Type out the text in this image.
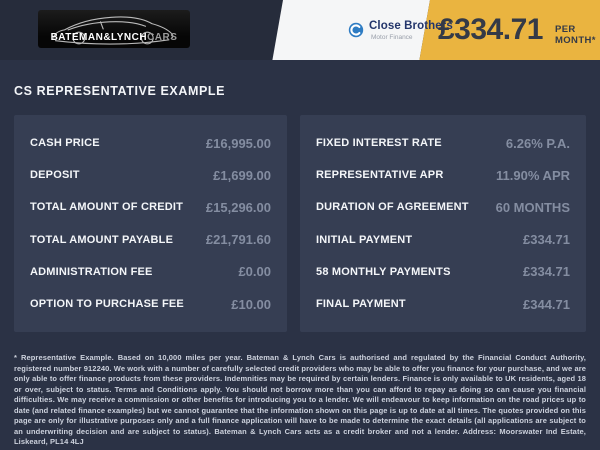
BATEMAN&LYNCHCARS
Close Brothers
Motor Finance £334.71 PER MONTH*
CS REPRESENTATIVE EXAMPLE
CASH PRICE	£16,995.00
DEPOSIT	£1,699.00
TOTAL AMOUNT OF CREDIT £15,296.00
TOTAL AMOUNT PAYABLE	£21,791.60
ADMINISTRATION FEE	£0.00
OPTION TO PURCHASE FEE	£10.00
FIXED INTEREST RATE	6.26% P.A.
REPRESENTATIVE APR	11.90% APR
DURATION OF AGREEMENT 60 MONTHS
INITIAL PAYMENT	£334.71
58 MONTHLY PAYMENTS	£334.71
FINAL PAYMENT	£344.71
* Representative Example. Based on 10,000 miles per year. Bateman & Lynch Cars is authorised and regulated by the Financial Conduct Authority, registered number 912240. We work with a number of carefully selected credit providers who may be able to offer you finance for your purchase, and we are only able to offer finance products from these providers. Indemnities may be required by certain lenders. Finance is only available to UK residents, aged 18 or over, subject to status. Terms and Conditions apply. You should not borrow more than you can afford to repay as doing so can cause you financial difficulties. We may receive a commission or other benefits for introducing you to a lender. We will endeavour to keep information on the road prices up to date (and related finance examples) but we cannot guarantee that the information shown on this page is up to date at all times. The quotes provided on this page are only for illustrative purposes only and a full finance application will have to be made to determine the exact details (all applications are subject to an underwriting decision and are subject to status). Bateman & Lynch Cars acts as a credit broker and not a lender. Address: Moorswater Ind Estate, Liskeard, PL14 4LJ
